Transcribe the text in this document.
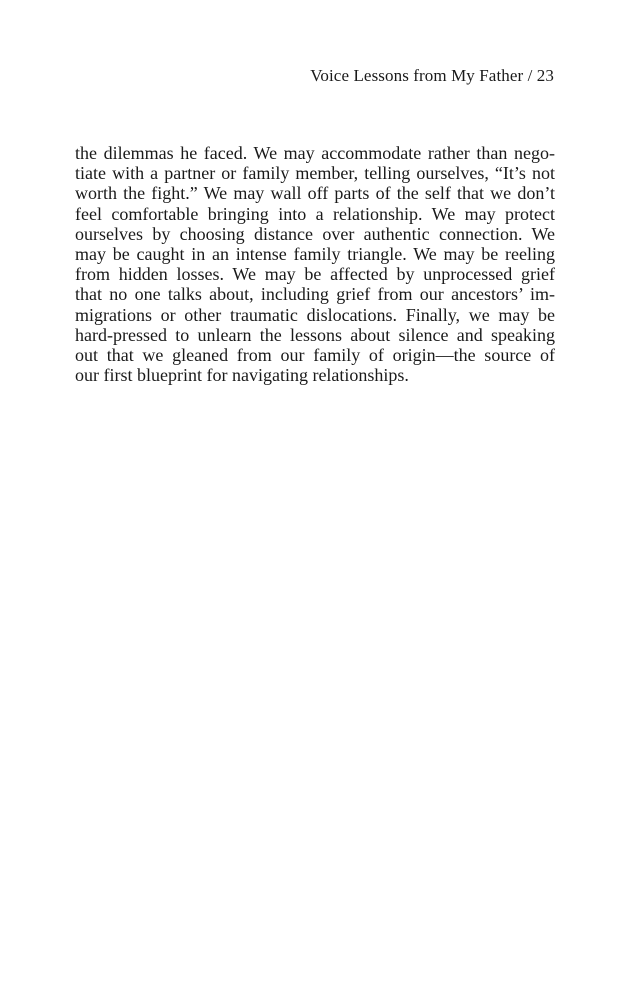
Voice Lessons from My Father / 23
the dilemmas he faced. We may accommodate rather than nego-
tiate with a partner or family member, telling ourselves, “It’s not
worth the fight.” We may wall off parts of the self that we don’t
feel comfortable bringing into a relationship. We may protect
ourselves by choosing distance over authentic connection. We
may be caught in an intense family triangle. We may be reeling
from hidden losses. We may be affected by unprocessed grief
that no one talks about, including grief from our ancestors’ im-
migrations or other traumatic dislocations. Finally, we may be
hard-pressed to unlearn the lessons about silence and speaking
out that we gleaned from our family of origin—the source of
our first blueprint for navigating relationships.
